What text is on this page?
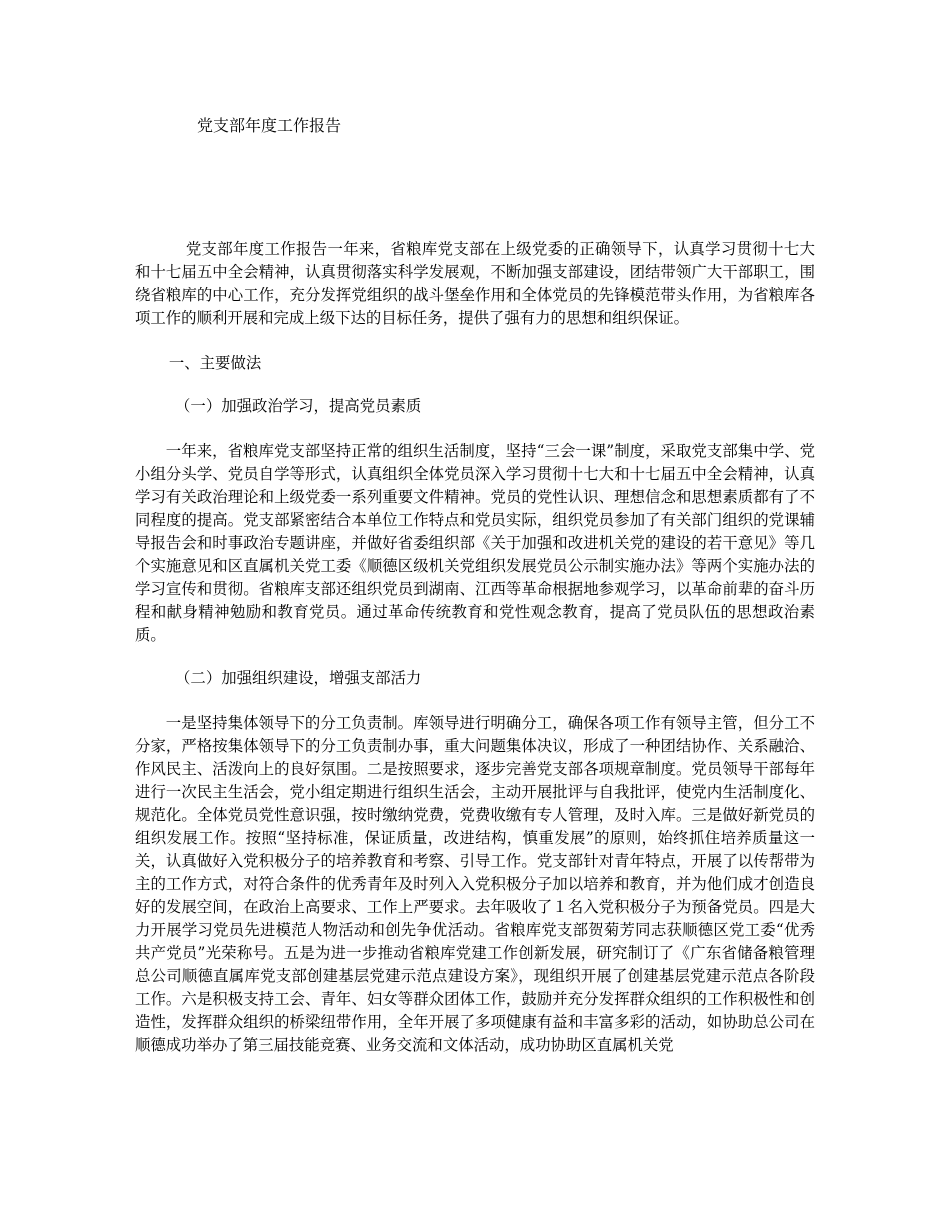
党支部年度工作报告

党支部年度工作报告一年来，省粮库党支部在上级党委的正确领导下，认真学习贯彻十七大和十七届五中全会精神，认真贯彻落实科学发展观，不断加强支部建设，团结带领广大干部职工，围绕省粮库的中心工作，充分发挥党组织的战斗堡垒作用和全体党员的先锋模范带头作用，为省粮库各项工作的顺利开展和完成上级下达的目标任务，提供了强有力的思想和组织保证。

一、主要做法

（一）加强政治学习，提高党员素质

一年来，省粮库党支部坚持正常的组织生活制度，坚持“三会一课”制度，采取党支部集中学、党小组分头学、党员自学等形式，认真组织全体党员深入学习贯彻十七大和十七届五中全会精神，认真学习有关政治理论和上级党委一系列重要文件精神。党员的党性认识、理想信念和思想素质都有了不同程度的提高。党支部紧密结合本单位工作特点和党员实际，组织党员参加了有关部门组织的党课辅导报告会和时事政治专题讲座，并做好省委组织部《关于加强和改进机关党的建设的若干意见》等几个实施意见和区直属机关党工委《顺德区级机关党组织发展党员公示制实施办法》等两个实施办法的学习宣传和贯彻。省粮库支部还组织党员到湖南、江西等革命根据地参观学习，以革命前辈的奋斗历程和献身精神勉励和教育党员。通过革命传统教育和党性观念教育，提高了党员队伍的思想政治素质。

（二）加强组织建设，增强支部活力

一是坚持集体领导下的分工负责制。库领导进行明确分工，确保各项工作有领导主管，但分工不分家，严格按集体领导下的分工负责制办事，重大问题集体决议，形成了一种团结协作、关系融洽、作风民主、活泼向上的良好氛围。二是按照要求，逐步完善党支部各项规章制度。党员领导干部每年进行一次民主生活会，党小组定期进行组织生活会，主动开展批评与自我批评，使党内生活制度化、规范化。全体党员党性意识强，按时缴纳党费，党费收缴有专人管理，及时入库。三是做好新党员的组织发展工作。按照“坚持标准，保证质量，改进结构，慎重发展”的原则，始终抓住培养质量这一关，认真做好入党积极分子的培养教育和考察、引导工作。党支部针对青年特点，开展了以传帮带为主的工作方式，对符合条件的优秀青年及时列入入党积极分子加以培养和教育，并为他们成才创造良好的发展空间，在政治上高要求、工作上严要求。去年吸收了１名入党积极分子为预备党员。四是大力开展学习党员先进模范人物活动和创先争优活动。省粮库党支部贺菊芳同志获顺德区党工委“优秀共产党员”光荣称号。五是为进一步推动省粮库党建工作创新发展，研究制订了《广东省储备粮管理总公司顺德直属库党支部创建基层党建示范点建设方案》，现组织开展了创建基层党建示范点各阶段工作。六是积极支持工会、青年、妇女等群众团体工作，鼓励并充分发挥群众组织的工作积极性和创造性，发挥群众组织的桥梁纽带作用，全年开展了多项健康有益和丰富多彩的活动，如协助总公司在顺德成功举办了第三届技能竞赛、业务交流和文体活动，成功协助区直属机关党
